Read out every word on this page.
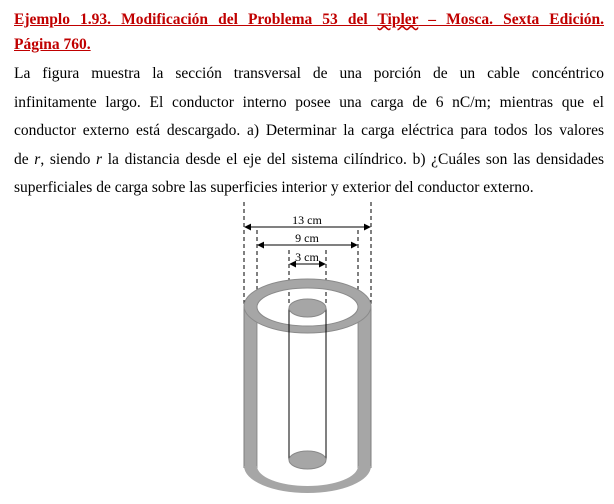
Ejemplo 1.93. Modificación del Problema 53 del Tipler – Mosca. Sexta Edición.
Página 760.
La figura muestra la sección transversal de una porción de un cable concéntrico
infinitamente largo. El conductor interno posee una carga de 6 nC/m; mientras que el
conductor externo está descargado. a) Determinar la carga eléctrica para todos los valores
de r, siendo r la distancia desde el eje del sistema cilíndrico. b) ¿Cuáles son las densidades
superficiales de carga sobre las superficies interior y exterior del conductor externo.
13 cm
9 cm
3 cm
